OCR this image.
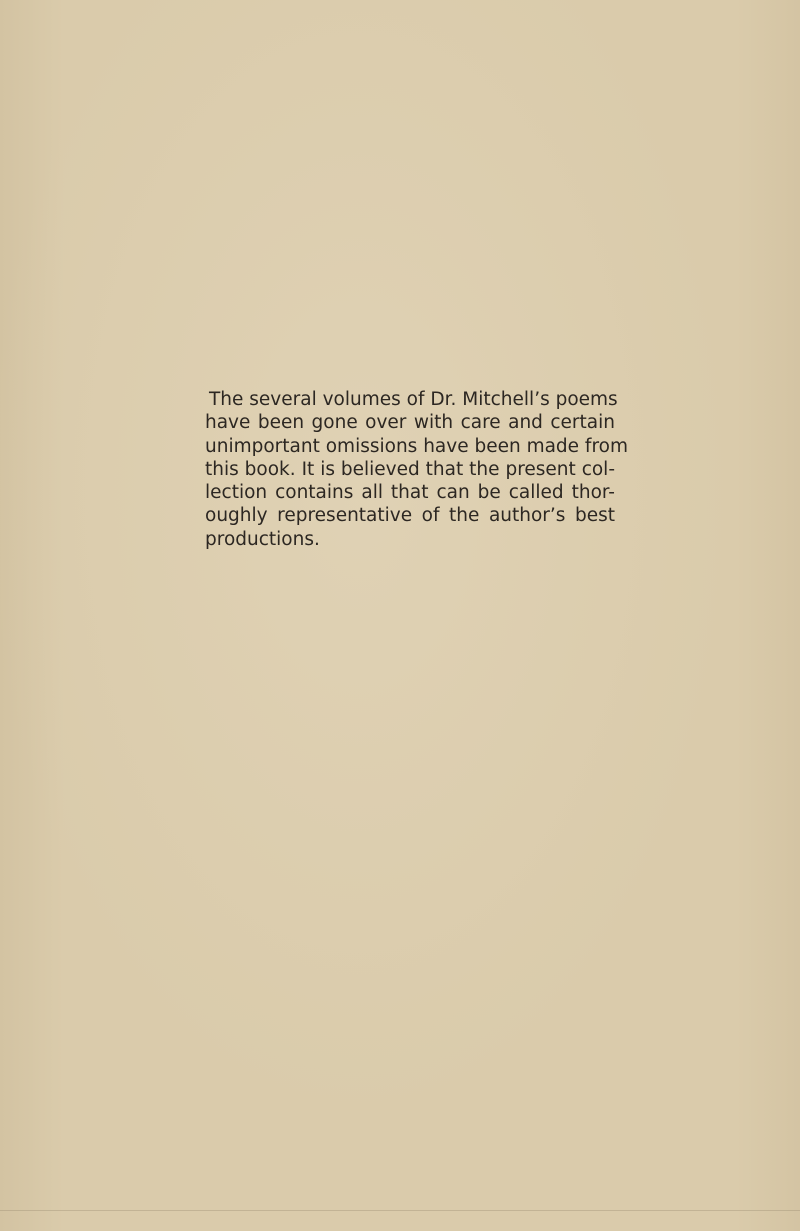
The several volumes of Dr. Mitchell’s poems
have been gone over with care and certain
unimportant omissions have been made from
this book. It is believed that the present col-
lection contains all that can be called thor-
oughly representative of the author’s best
productions.
